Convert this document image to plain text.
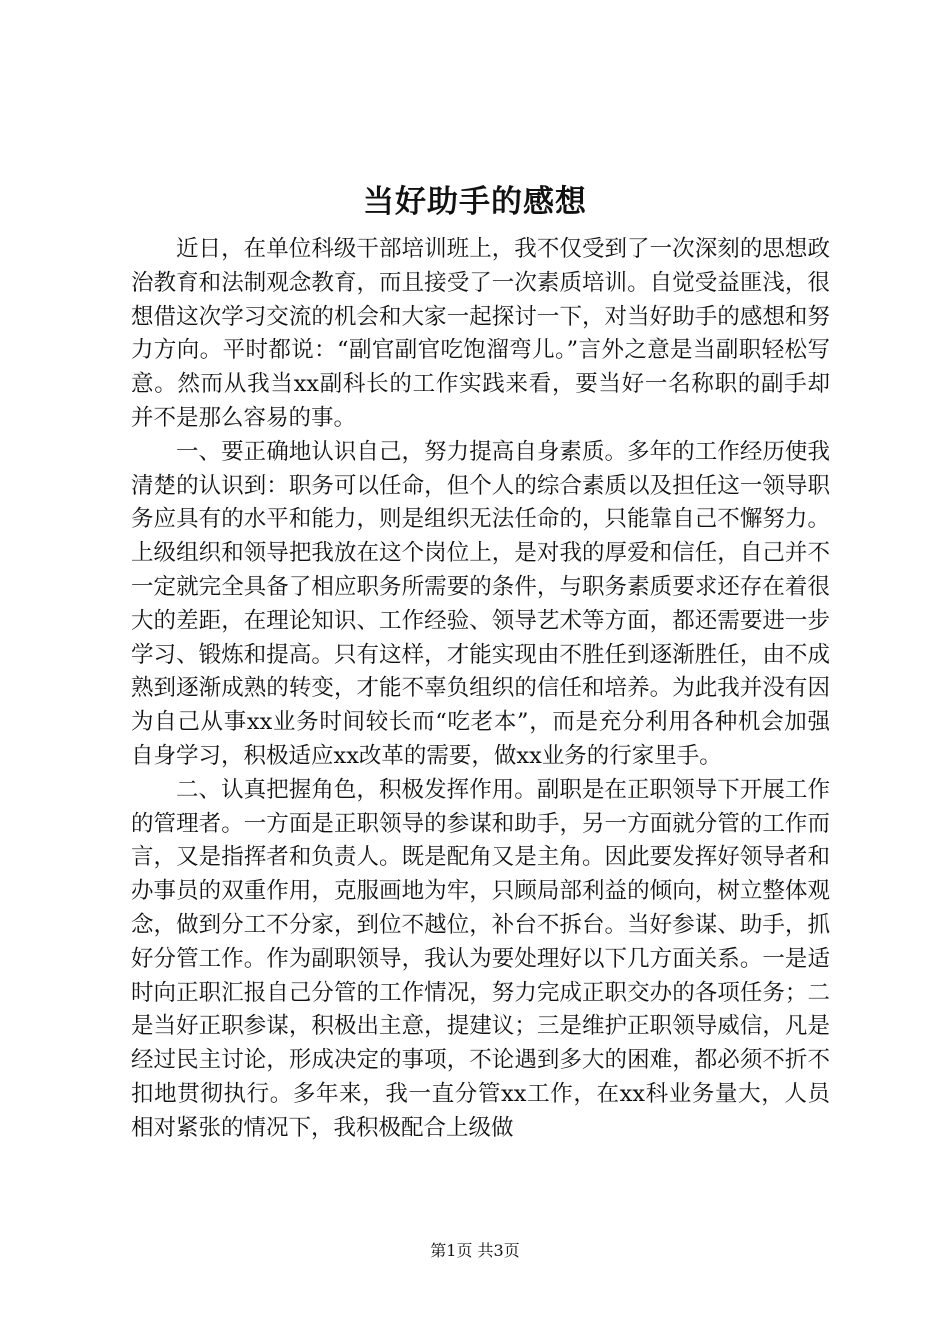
当好助手的感想

近日，在单位科级干部培训班上，我不仅受到了一次深刻的思想政治教育和法制观念教育，而且接受了一次素质培训。自觉受益匪浅，很想借这次学习交流的机会和大家一起探讨一下，对当好助手的感想和努力方向。平时都说：“副官副官吃饱溜弯儿。”言外之意是当副职轻松写意。然而从我当xx副科长的工作实践来看，要当好一名称职的副手却并不是那么容易的事。

一、要正确地认识自己，努力提高自身素质。多年的工作经历使我清楚的认识到：职务可以任命，但个人的综合素质以及担任这一领导职务应具有的水平和能力，则是组织无法任命的，只能靠自己不懈努力。上级组织和领导把我放在这个岗位上，是对我的厚爱和信任，自己并不一定就完全具备了相应职务所需要的条件，与职务素质要求还存在着很大的差距，在理论知识、工作经验、领导艺术等方面，都还需要进一步学习、锻炼和提高。只有这样，才能实现由不胜任到逐渐胜任，由不成熟到逐渐成熟的转变，才能不辜负组织的信任和培养。为此我并没有因为自己从事xx业务时间较长而“吃老本”，而是充分利用各种机会加强自身学习，积极适应xx改革的需要，做xx业务的行家里手。

二、认真把握角色，积极发挥作用。副职是在正职领导下开展工作的管理者。一方面是正职领导的参谋和助手，另一方面就分管的工作而言，又是指挥者和负责人。既是配角又是主角。因此要发挥好领导者和办事员的双重作用，克服画地为牢，只顾局部利益的倾向，树立整体观念，做到分工不分家，到位不越位，补台不拆台。当好参谋、助手，抓好分管工作。作为副职领导，我认为要处理好以下几方面关系。一是适时向正职汇报自己分管的工作情况，努力完成正职交办的各项任务；二是当好正职参谋，积极出主意，提建议；三是维护正职领导威信，凡是经过民主讨论，形成决定的事项，不论遇到多大的困难，都必须不折不扣地贯彻执行。多年来，我一直分管xx工作，在xx科业务量大，人员相对紧张的情况下，我积极配合上级做

第1页 共3页
